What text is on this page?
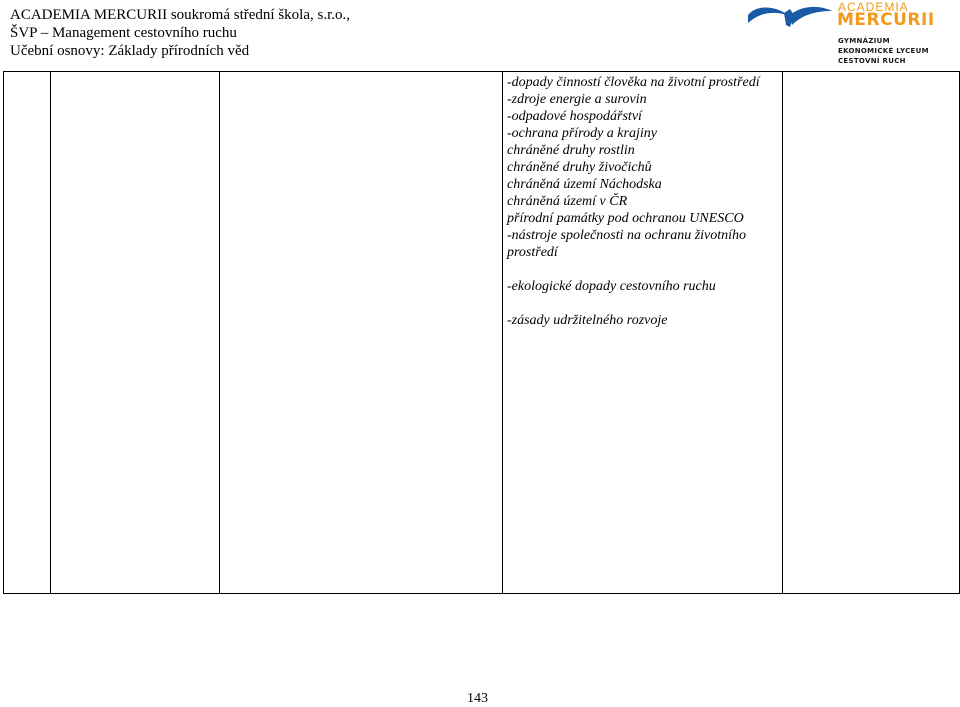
ACADEMIA MERCURII soukromá střední škola, s.r.o.,
ŠVP – Management cestovního ruchu
Učební osnovy: Základy přírodních věd
ACADEMIA
MERCURII
GYMNÁZIUM
EKONOMICKÉ LYCEUM
CESTOVNÍ RUCH
-dopady činností člověka na životní prostředí
-zdroje energie a surovin
-odpadové hospodářství
-ochrana přírody a krajiny
chráněné druhy rostlin
chráněné druhy živočichů
chráněná území Náchodska
chráněná území v ČR
přírodní památky pod ochranou UNESCO
-nástroje společnosti na ochranu životního
prostředí
-ekologické dopady cestovního ruchu
-zásady udržitelného rozvoje
143
